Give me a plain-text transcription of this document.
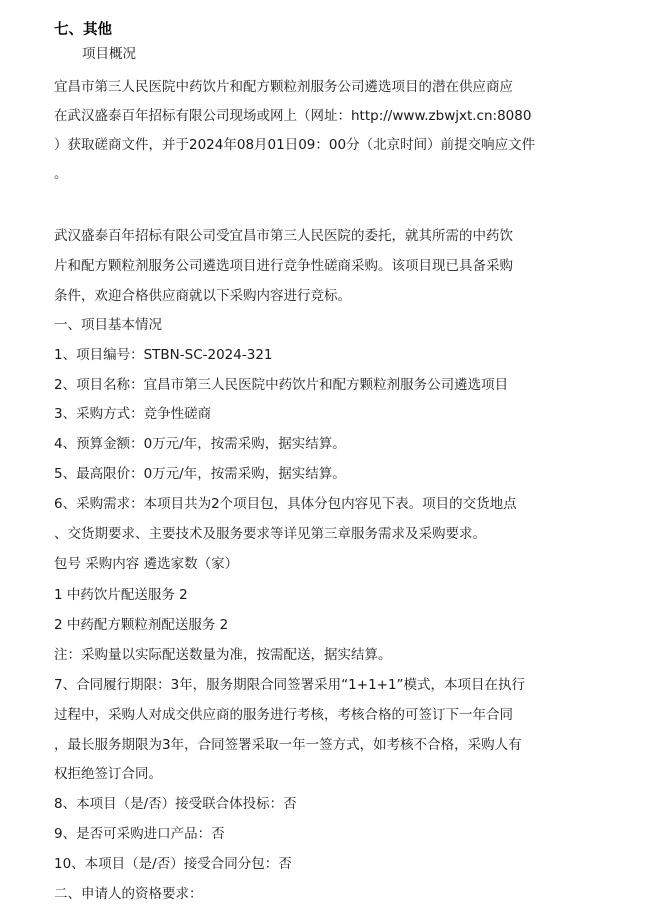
七、其他
项目概况
宜昌市第三人民医院中药饮片和配方颗粒剂服务公司遴选项目的潜在供应商应
在武汉盛泰百年招标有限公司现场或网上（网址：http://www.zbwjxt.cn:8080
）获取磋商文件，并于2024年08月01日09：00分（北京时间）前提交响应文件
。
武汉盛泰百年招标有限公司受宜昌市第三人民医院的委托，就其所需的中药饮
片和配方颗粒剂服务公司遴选项目进行竞争性磋商采购。该项目现已具备采购
条件，欢迎合格供应商就以下采购内容进行竞标。
一、项目基本情况
1、项目编号：STBN-SC-2024-321
2、项目名称：宜昌市第三人民医院中药饮片和配方颗粒剂服务公司遴选项目
3、采购方式：竞争性磋商
4、预算金额：0万元/年，按需采购，据实结算。
5、最高限价：0万元/年，按需采购，据实结算。
6、采购需求：本项目共为2个项目包，具体分包内容见下表。项目的交货地点
、交货期要求、主要技术及服务要求等详见第三章服务需求及采购要求。
包号 采购内容 遴选家数（家）
1 中药饮片配送服务 2
2 中药配方颗粒剂配送服务 2
注：采购量以实际配送数量为准，按需配送，据实结算。
7、合同履行期限：3年，服务期限合同签署采用“1+1+1”模式，本项目在执行
过程中，采购人对成交供应商的服务进行考核，考核合格的可签订下一年合同
，最长服务期限为3年，合同签署采取一年一签方式，如考核不合格，采购人有
权拒绝签订合同。
8、本项目（是/否）接受联合体投标：否
9、是否可采购进口产品：否
10、本项目（是/否）接受合同分包：否
二、申请人的资格要求：
